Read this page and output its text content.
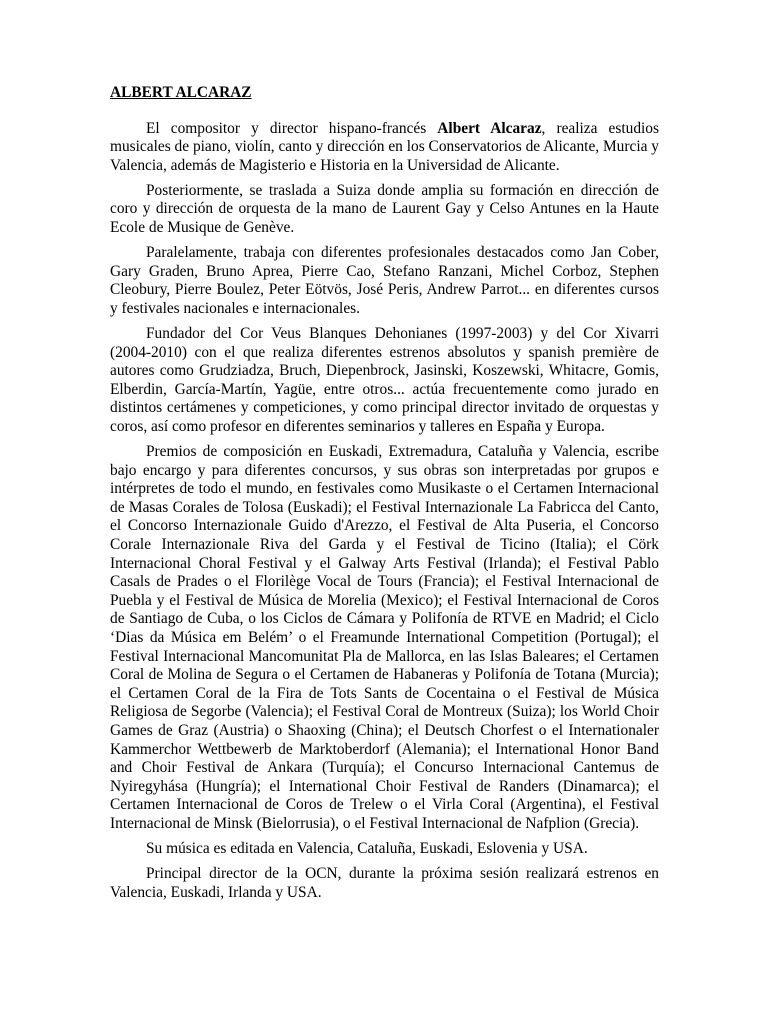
ALBERT ALCARAZ

El compositor y director hispano-francés Albert Alcaraz, realiza estudios musicales de piano, violín, canto y dirección en los Conservatorios de Alicante, Murcia y Valencia, además de Magisterio e Historia en la Universidad de Alicante.

Posteriormente, se traslada a Suiza donde amplia su formación en dirección de coro y dirección de orquesta de la mano de Laurent Gay y Celso Antunes en la Haute Ecole de Musique de Genève.

Paralelamente, trabaja con diferentes profesionales destacados como Jan Cober, Gary Graden, Bruno Aprea, Pierre Cao, Stefano Ranzani, Michel Corboz, Stephen Cleobury, Pierre Boulez, Peter Eötvös, José Peris, Andrew Parrot... en diferentes cursos y festivales nacionales e internacionales.

Fundador del Cor Veus Blanques Dehonianes (1997-2003) y del Cor Xivarri (2004-2010) con el que realiza diferentes estrenos absolutos y spanish première de autores como Grudziadza, Bruch, Diepenbrock, Jasinski, Koszewski, Whitacre, Gomis, Elberdin, García-Martín, Yagüe, entre otros... actúa frecuentemente como jurado en distintos certámenes y competiciones, y como principal director invitado de orquestas y coros, así como profesor en diferentes seminarios y talleres en España y Europa.

Premios de composición en Euskadi, Extremadura, Cataluña y Valencia, escribe bajo encargo y para diferentes concursos, y sus obras son interpretadas por grupos e intérpretes de todo el mundo, en festivales como Musikaste o el Certamen Internacional de Masas Corales de Tolosa (Euskadi); el Festival Internazionale La Fabricca del Canto, el Concorso Internazionale Guido d'Arezzo, el Festival de Alta Puseria, el Concorso Corale Internazionale Riva del Garda y el Festival de Ticino (Italia); el Cörk Internacional Choral Festival y el Galway Arts Festival (Irlanda); el Festival Pablo Casals de Prades o el Florilège Vocal de Tours (Francia); el Festival Internacional de Puebla y el Festival de Música de Morelia (Mexico); el Festival Internacional de Coros de Santiago de Cuba, o los Ciclos de Cámara y Polifonía de RTVE en Madrid; el Ciclo ‘Dias da Música em Belém’ o el Freamunde International Competition (Portugal); el Festival Internacional Mancomunitat Pla de Mallorca, en las Islas Baleares; el Certamen Coral de Molina de Segura o el Certamen de Habaneras y Polifonía de Totana (Murcia); el Certamen Coral de la Fira de Tots Sants de Cocentaina o el Festival de Música Religiosa de Segorbe (Valencia); el Festival Coral de Montreux (Suiza); los World Choir Games de Graz (Austria) o Shaoxing (China); el Deutsch Chorfest o el Internationaler Kammerchor Wettbewerb de Marktoberdorf (Alemania); el International Honor Band and Choir Festival de Ankara (Turquía); el Concurso Internacional Cantemus de Nyiregyhása (Hungría); el International Choir Festival de Randers (Dinamarca); el Certamen Internacional de Coros de Trelew o el Virla Coral (Argentina), el Festival Internacional de Minsk (Bielorrusia), o el Festival Internacional de Nafplion (Grecia).

Su música es editada en Valencia, Cataluña, Euskadi, Eslovenia y USA.

Principal director de la OCN, durante la próxima sesión realizará estrenos en Valencia, Euskadi, Irlanda y USA.
